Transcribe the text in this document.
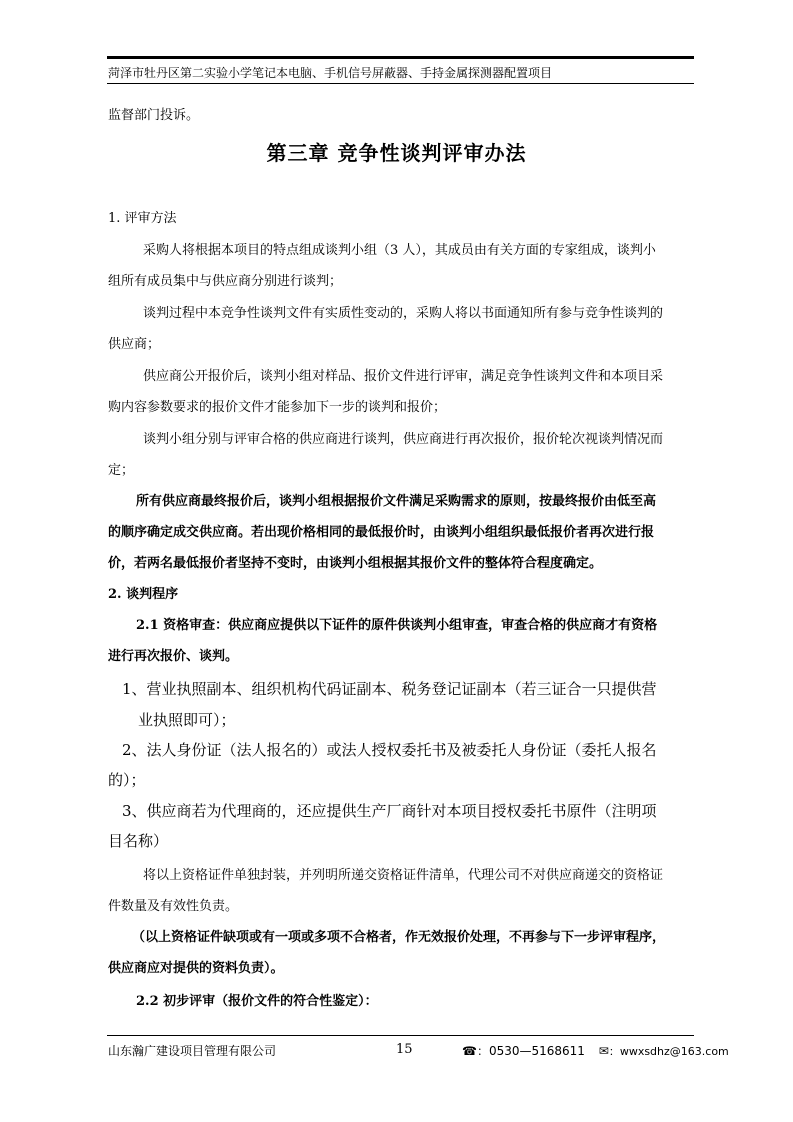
菏泽市牡丹区第二实验小学笔记本电脑、手机信号屏蔽器、手持金属探测器配置项目
监督部门投诉。
第三章 竞争性谈判评审办法
1. 评审方法
采购人将根据本项目的特点组成谈判小组（3 人），其成员由有关方面的专家组成，谈判小
组所有成员集中与供应商分别进行谈判；
谈判过程中本竞争性谈判文件有实质性变动的，采购人将以书面通知所有参与竞争性谈判的
供应商；
供应商公开报价后，谈判小组对样品、报价文件进行评审，满足竞争性谈判文件和本项目采
购内容参数要求的报价文件才能参加下一步的谈判和报价；
谈判小组分别与评审合格的供应商进行谈判，供应商进行再次报价，报价轮次视谈判情况而
定；
所有供应商最终报价后，谈判小组根据报价文件满足采购需求的原则，按最终报价由低至高
的顺序确定成交供应商。若出现价格相同的最低报价时，由谈判小组组织最低报价者再次进行报
价，若两名最低报价者坚持不变时，由谈判小组根据其报价文件的整体符合程度确定。
2. 谈判程序
2.1 资格审查：供应商应提供以下证件的原件供谈判小组审查，审查合格的供应商才有资格
进行再次报价、谈判。
1、营业执照副本、组织机构代码证副本、税务登记证副本（若三证合一只提供营
业执照即可）；
2、法人身份证（法人报名的）或法人授权委托书及被委托人身份证（委托人报名
的）；
3、供应商若为代理商的，还应提供生产厂商针对本项目授权委托书原件（注明项
目名称）
将以上资格证件单独封装，并列明所递交资格证件清单，代理公司不对供应商递交的资格证
件数量及有效性负责。
（以上资格证件缺项或有一项或多项不合格者，作无效报价处理，不再参与下一步评审程序，
供应商应对提供的资料负责）。
2.2 初步评审（报价文件的符合性鉴定）：
山东瀚广建设项目管理有限公司	15	☎：0530—5168611 ✉：wwxsdhz@163.com
